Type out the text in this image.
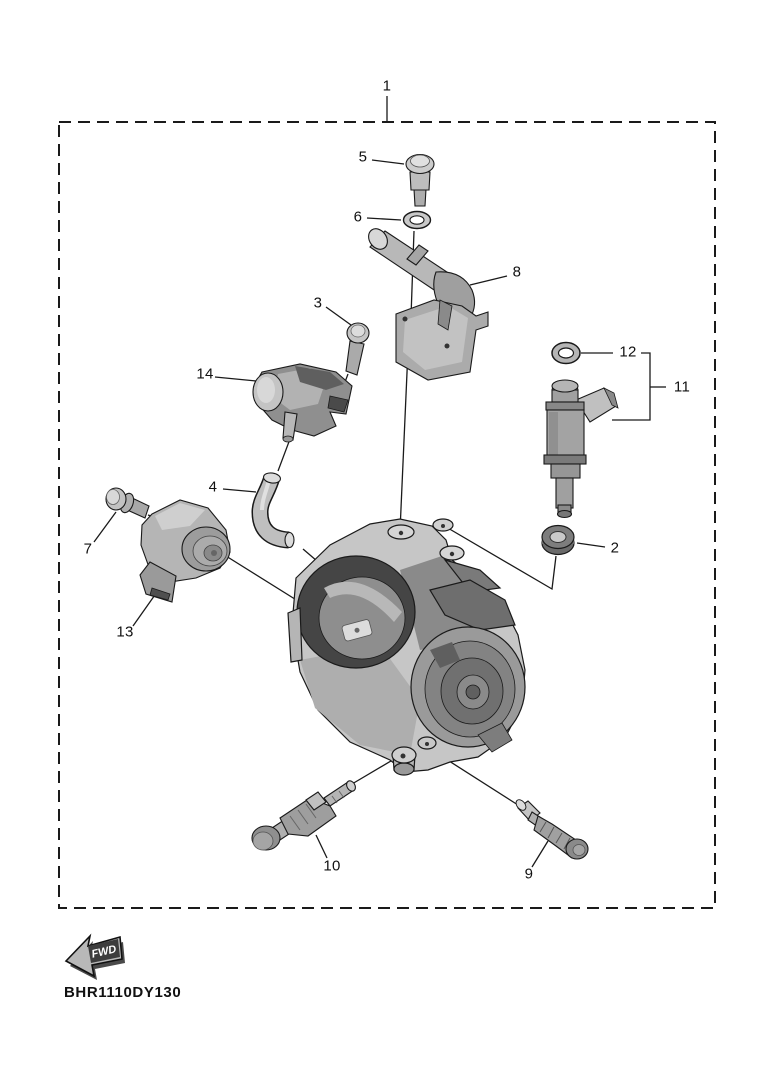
FWD
1
2
3
4
5
6
7
8
9
10
11
12
13
14
BHR1110DY130
